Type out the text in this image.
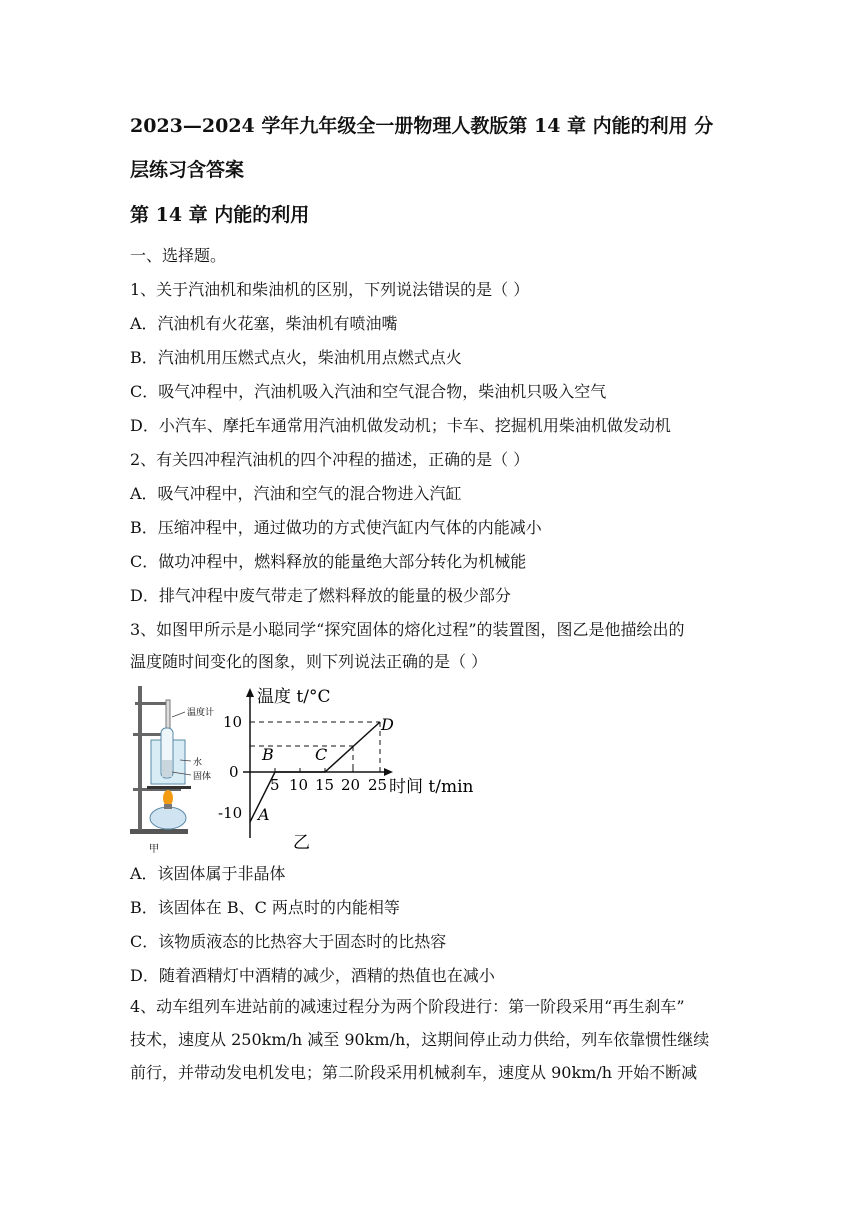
2023—2024 学年九年级全一册物理人教版第 14 章 内能的利用 分
层练习含答案
第 14 章 内能的利用
一、选择题。
1、关于汽油机和柴油机的区别，下列说法错误的是（ ）
A．汽油机有火花塞，柴油机有喷油嘴
B．汽油机用压燃式点火，柴油机用点燃式点火
C．吸气冲程中，汽油机吸入汽油和空气混合物，柴油机只吸入空气
D．小汽车、摩托车通常用汽油机做发动机；卡车、挖掘机用柴油机做发动机
2、有关四冲程汽油机的四个冲程的描述，正确的是（ ）
A．吸气冲程中，汽油和空气的混合物进入汽缸
B．压缩冲程中，通过做功的方式使汽缸内气体的内能减小
C．做功冲程中，燃料释放的能量绝大部分转化为机械能
D．排气冲程中废气带走了燃料释放的能量的极少部分
3、如图甲所示是小聪同学“探究固体的熔化过程”的装置图，图乙是他描绘出的
温度随时间变化的图象，则下列说法正确的是（ ）
温度计
水
固体
甲
10
0
-10
5 10 15 20 25
A
B	C
D
温度 t/°C
时间 t/min
乙
A．该固体属于非晶体
B．该固体在 B、C 两点时的内能相等
C．该物质液态的比热容大于固态时的比热容
D．随着酒精灯中酒精的减少，酒精的热值也在减小
4、动车组列车进站前的减速过程分为两个阶段进行：第一阶段采用“再生刹车”
技术，速度从 250km/h 减至 90km/h，这期间停止动力供给，列车依靠惯性继续
前行，并带动发电机发电；第二阶段采用机械刹车，速度从 90km/h 开始不断减
